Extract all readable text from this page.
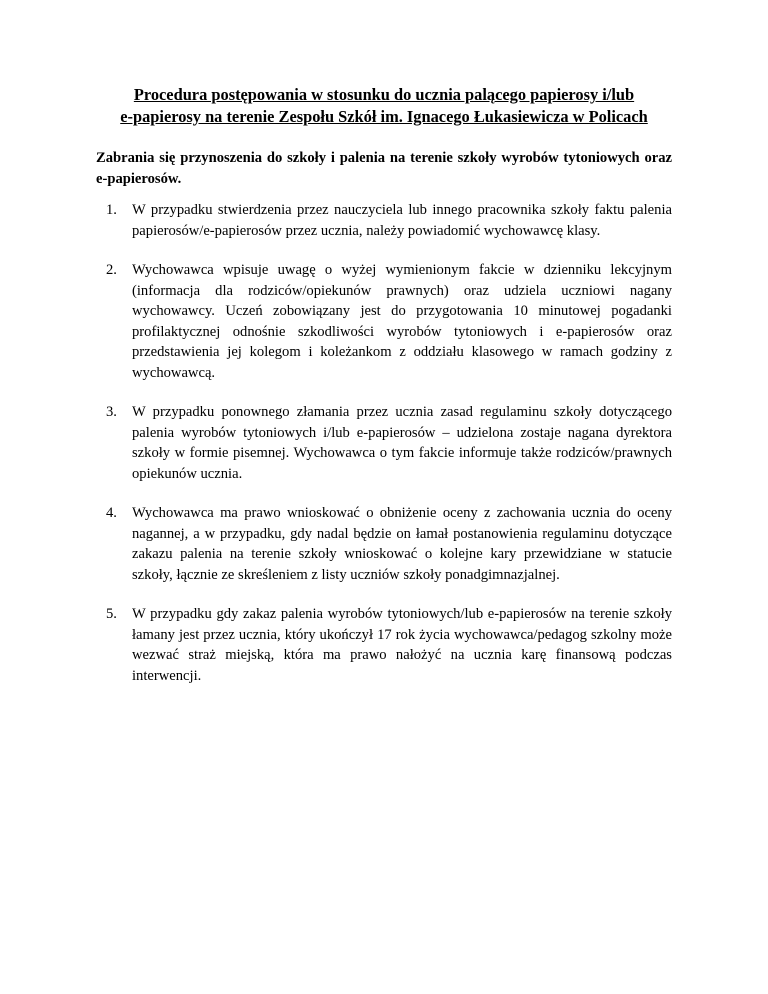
Procedura postępowania w stosunku do ucznia palącego papierosy i/lub
e-papierosy na terenie Zespołu Szkół im. Ignacego Łukasiewicza w Policach

Zabrania się przynoszenia do szkoły i palenia na terenie szkoły wyrobów tytoniowych oraz e-papierosów.

1. W przypadku stwierdzenia przez nauczyciela lub innego pracownika szkoły faktu palenia papierosów/e-papierosów przez ucznia, należy powiadomić wychowawcę klasy.
2. Wychowawca wpisuje uwagę o wyżej wymienionym fakcie w dzienniku lekcyjnym (informacja dla rodziców/opiekunów prawnych) oraz udziela uczniowi nagany wychowawcy. Uczeń zobowiązany jest do przygotowania 10 minutowej pogadanki profilaktycznej odnośnie szkodliwości wyrobów tytoniowych i e-papierosów oraz przedstawienia jej kolegom i koleżankom z oddziału klasowego w ramach godziny z wychowawcą.
3. W przypadku ponownego złamania przez ucznia zasad regulaminu szkoły dotyczącego palenia wyrobów tytoniowych i/lub e-papierosów – udzielona zostaje nagana dyrektora szkoły w formie pisemnej. Wychowawca o tym fakcie informuje także rodziców/prawnych opiekunów ucznia.
4. Wychowawca ma prawo wnioskować o obniżenie oceny z zachowania ucznia do oceny nagannej, a w przypadku, gdy nadal będzie on łamał postanowienia regulaminu dotyczące zakazu palenia na terenie szkoły wnioskować o kolejne kary przewidziane w statucie szkoły, łącznie ze skreśleniem z listy uczniów szkoły ponadgimnazjalnej.
5. W przypadku gdy zakaz palenia wyrobów tytoniowych/lub e-papierosów na terenie szkoły łamany jest przez ucznia, który ukończył 17 rok życia wychowawca/pedagog szkolny może wezwać straż miejską, która ma prawo nałożyć na ucznia karę finansową podczas interwencji.
